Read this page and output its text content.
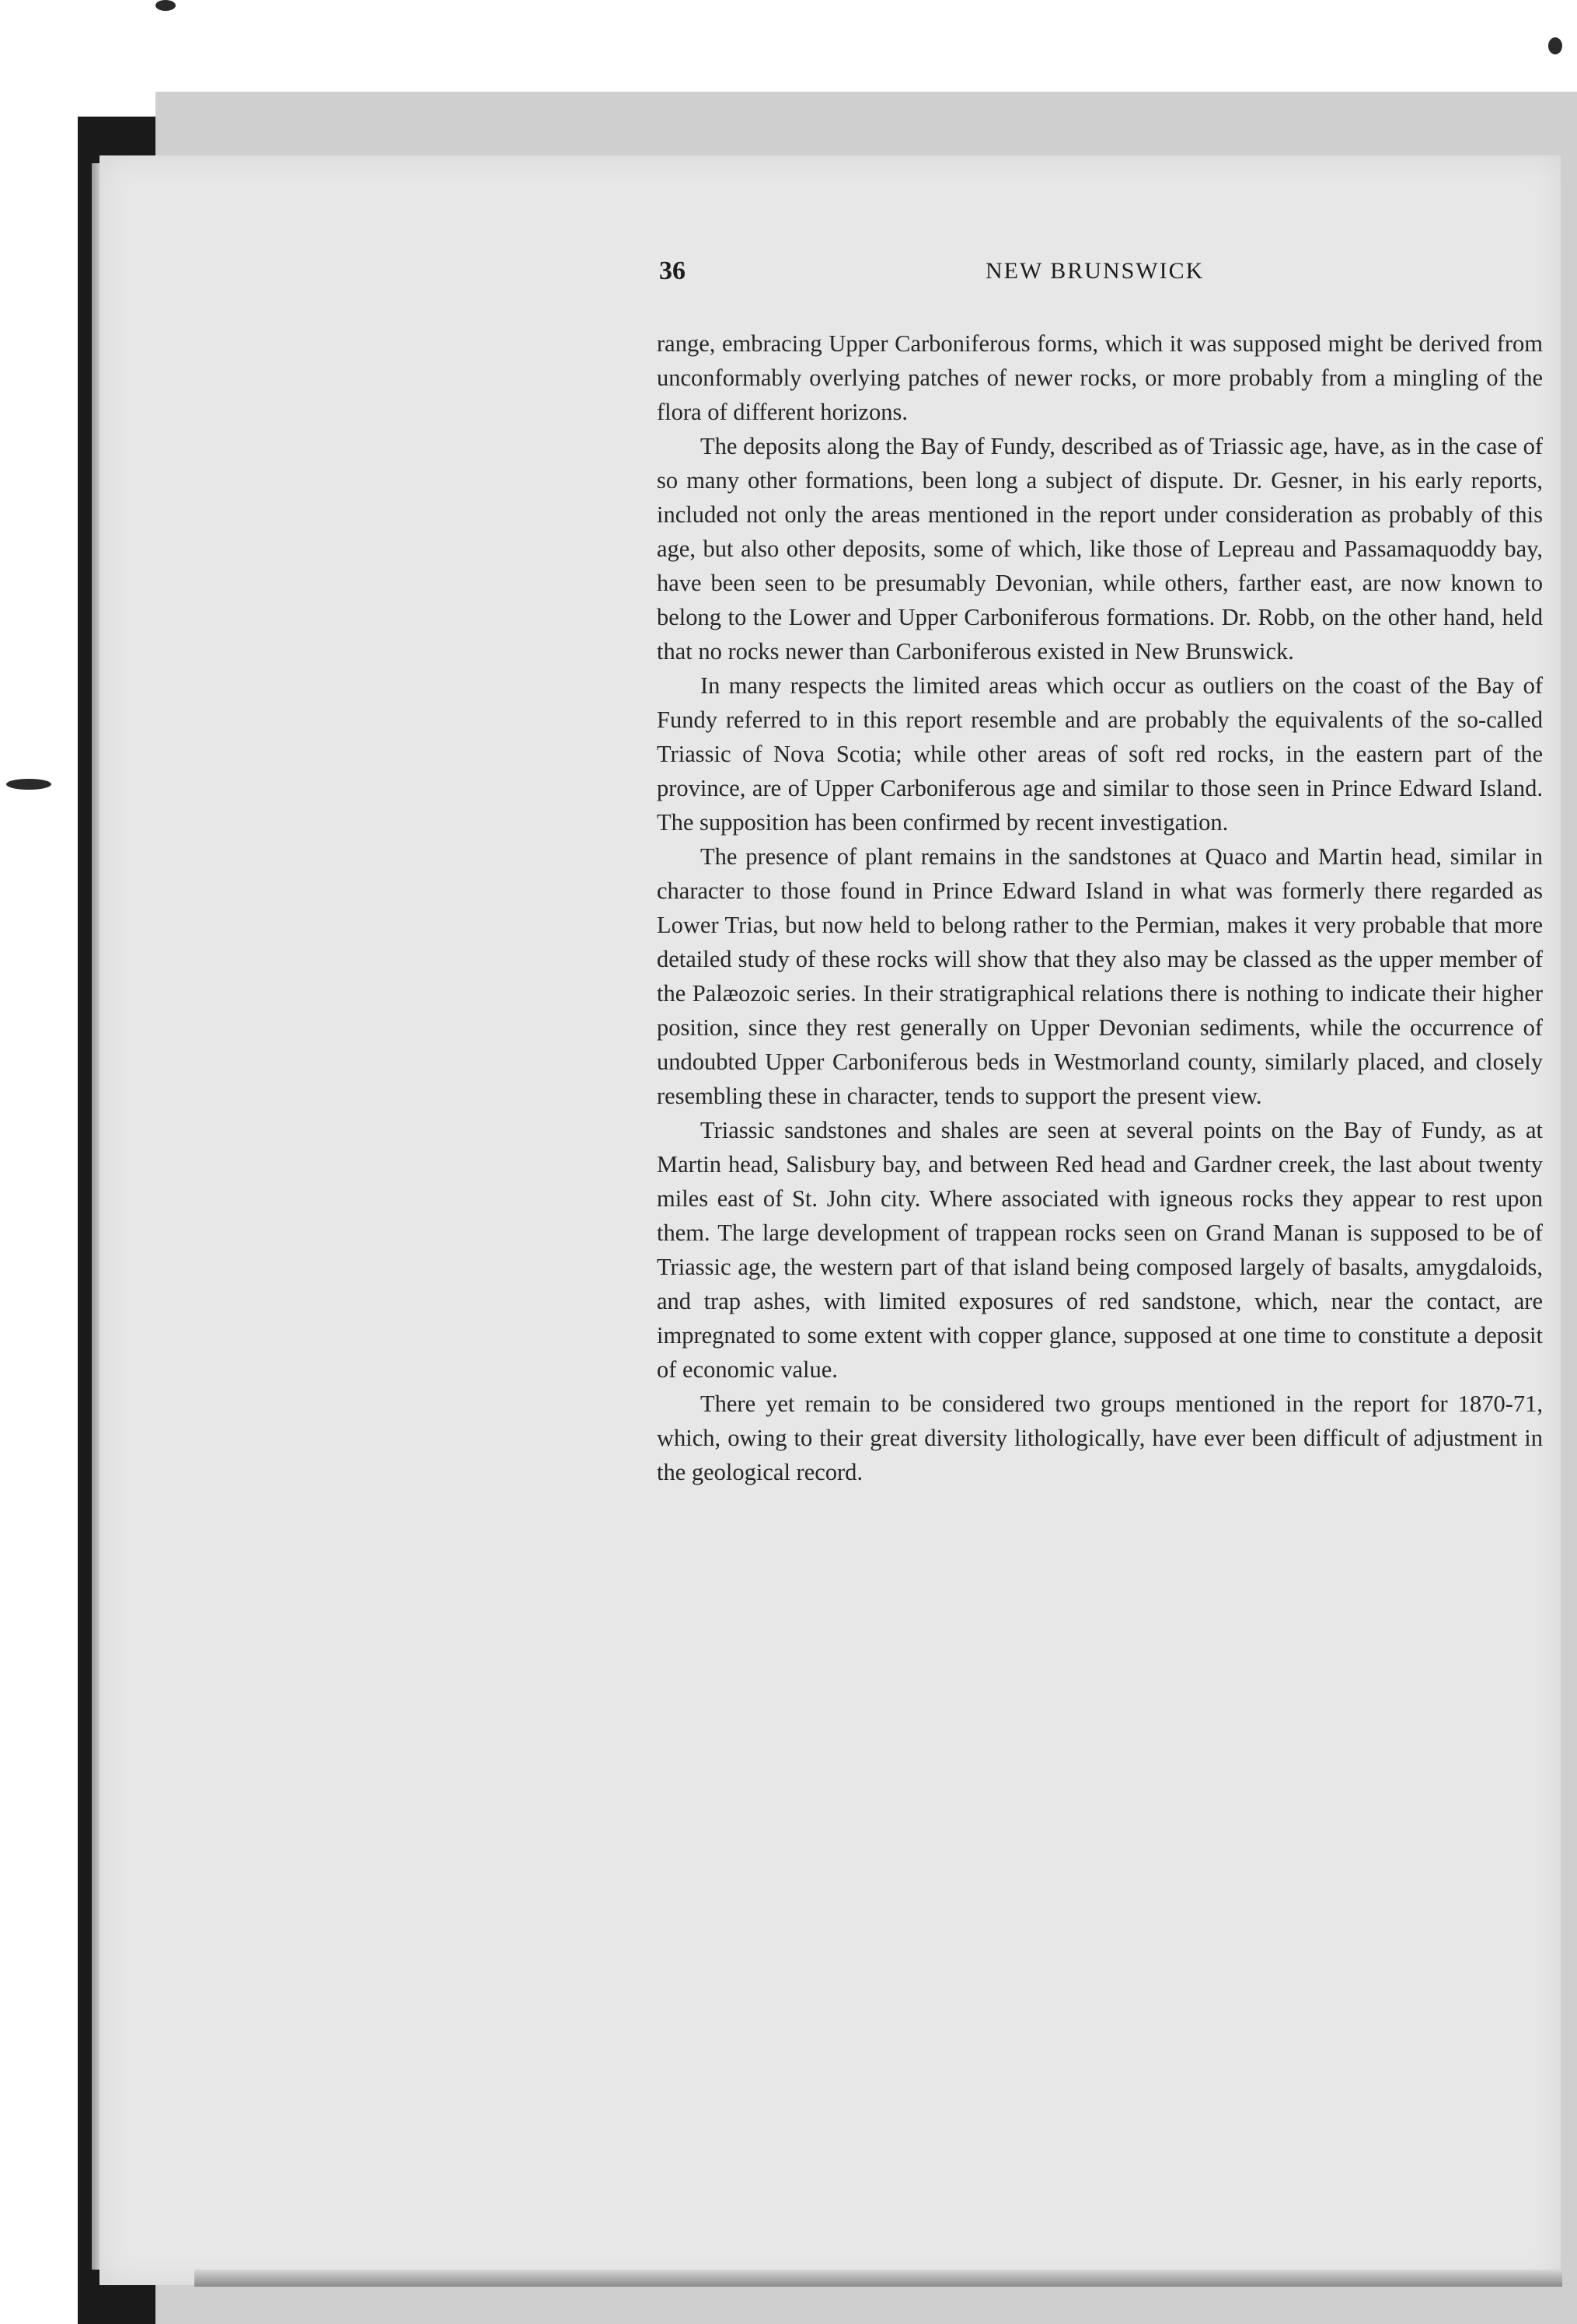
36	NEW BRUNSWICK

range, embracing Upper Carboniferous forms, which it was supposed might be derived from unconformably overlying patches of newer rocks, or more probably from a mingling of the flora of different horizons.

The deposits along the Bay of Fundy, described as of Triassic age, have, as in the case of so many other formations, been long a subject of dispute. Dr. Gesner, in his early reports, included not only the areas mentioned in the report under consideration as probably of this age, but also other deposits, some of which, like those of Lepreau and Passamaquoddy bay, have been seen to be presumably Devonian, while others, farther east, are now known to belong to the Lower and Upper Carboniferous formations. Dr. Robb, on the other hand, held that no rocks newer than Carboniferous existed in New Brunswick.

In many respects the limited areas which occur as outliers on the coast of the Bay of Fundy referred to in this report resemble and are probably the equivalents of the so-called Triassic of Nova Scotia; while other areas of soft red rocks, in the eastern part of the province, are of Upper Carboniferous age and similar to those seen in Prince Edward Island. The supposition has been confirmed by recent investigation.

The presence of plant remains in the sandstones at Quaco and Martin head, similar in character to those found in Prince Edward Island in what was formerly there regarded as Lower Trias, but now held to belong rather to the Permian, makes it very probable that more detailed study of these rocks will show that they also may be classed as the upper member of the Palæozoic series. In their stratigraphical relations there is nothing to indicate their higher position, since they rest generally on Upper Devonian sediments, while the occurrence of undoubted Upper Carboniferous beds in Westmorland county, similarly placed, and closely resembling these in character, tends to support the present view.

Triassic sandstones and shales are seen at several points on the Bay of Fundy, as at Martin head, Salisbury bay, and between Red head and Gardner creek, the last about twenty miles east of St. John city. Where associated with igneous rocks they appear to rest upon them. The large development of trappean rocks seen on Grand Manan is supposed to be of Triassic age, the western part of that island being composed largely of basalts, amygdaloids, and trap ashes, with limited exposures of red sandstone, which, near the contact, are impregnated to some extent with copper glance, supposed at one time to constitute a deposit of economic value.

There yet remain to be considered two groups mentioned in the report for 1870-71, which, owing to their great diversity lithologically, have ever been difficult of adjustment in the geological record.
